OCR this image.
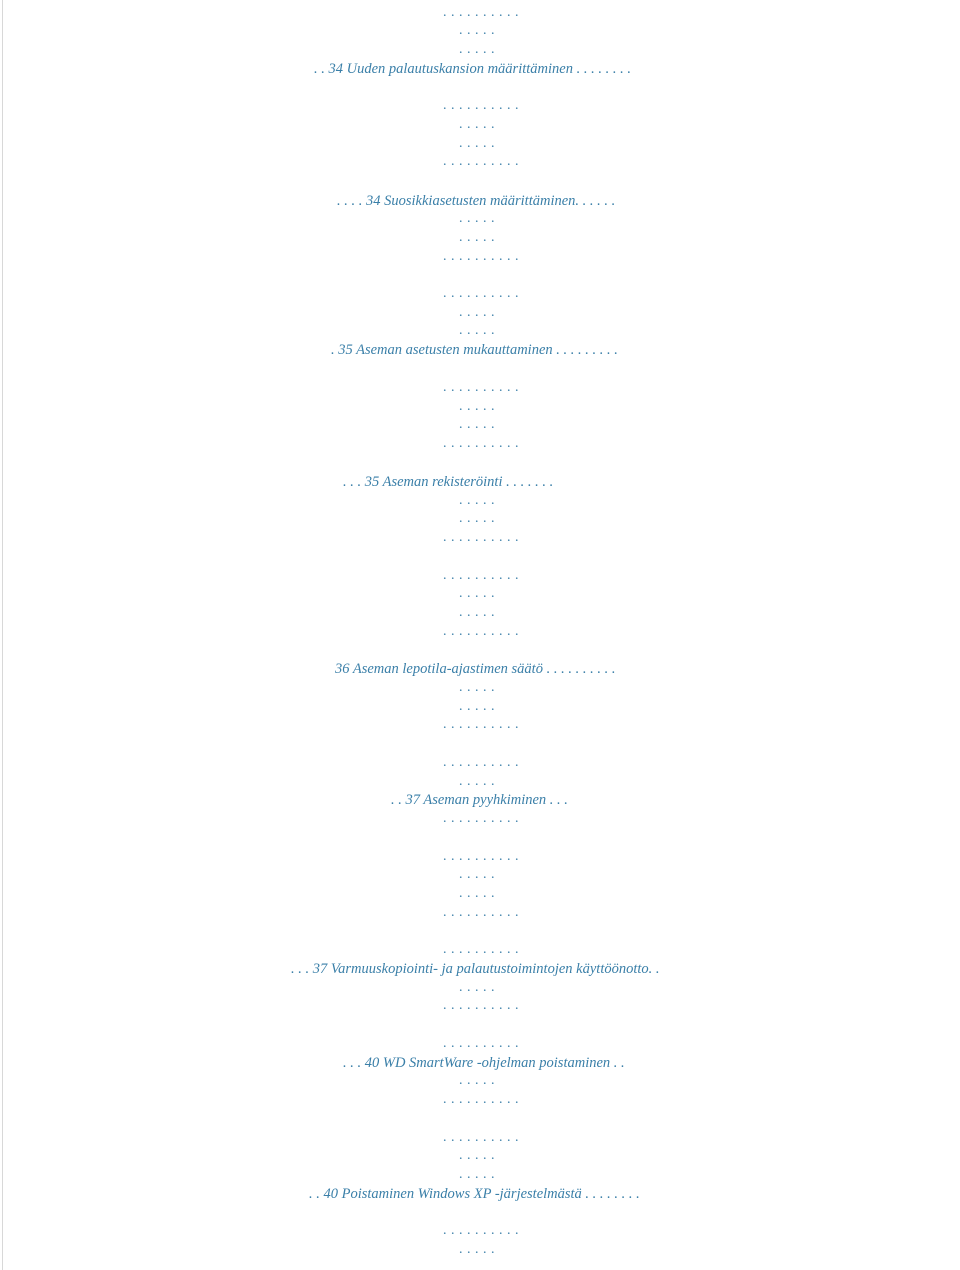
. . . . . . . . . .
. . . . .
. . . . .
. . 34 Uuden palautuskansion määrittäminen . . . . . . . .
. . . . . . . . . .
. . . . .
. . . . .
. . . . . . . . . .
. . . . 34 Suosikkiasetusten määrittäminen. . . . . .
. . . . .
. . . . .
. . . . . . . . . .
. . . . . . . . . .
. . . . .
. . . . .
. 35 Aseman asetusten mukauttaminen . . . . . . . . .
. . . . . . . . . .
. . . . .
. . . . .
. . . . . . . . . .
. . . 35 Aseman rekisteröinti . . . . . . .
. . . . .
. . . . .
. . . . . . . . . .
. . . . . . . . . .
. . . . .
. . . . .
. . . . . . . . . .
36 Aseman lepotila-ajastimen säätö . . . . . . . . . .
. . . . .
. . . . .
. . . . . . . . . .
. . . . . . . . . .
. . . . .
. . 37 Aseman pyyhkiminen . . .
. . . . . . . . . .
. . . . . . . . . .
. . . . .
. . . . .
. . . . . . . . . .
. . . . . . . . . .
. . . 37 Varmuuskopiointi- ja palautustoimintojen käyttöönotto. .
. . . . .
. . . . . . . . . .
. . . . . . . . . .
. . . 40 WD SmartWare -ohjelman poistaminen . .
. . . . .
. . . . . . . . . .
. . . . . . . . . .
. . . . .
. . . . .
. . 40 Poistaminen Windows XP -järjestelmästä . . . . . . . .
. . . . . . . . . .
. . . . .
